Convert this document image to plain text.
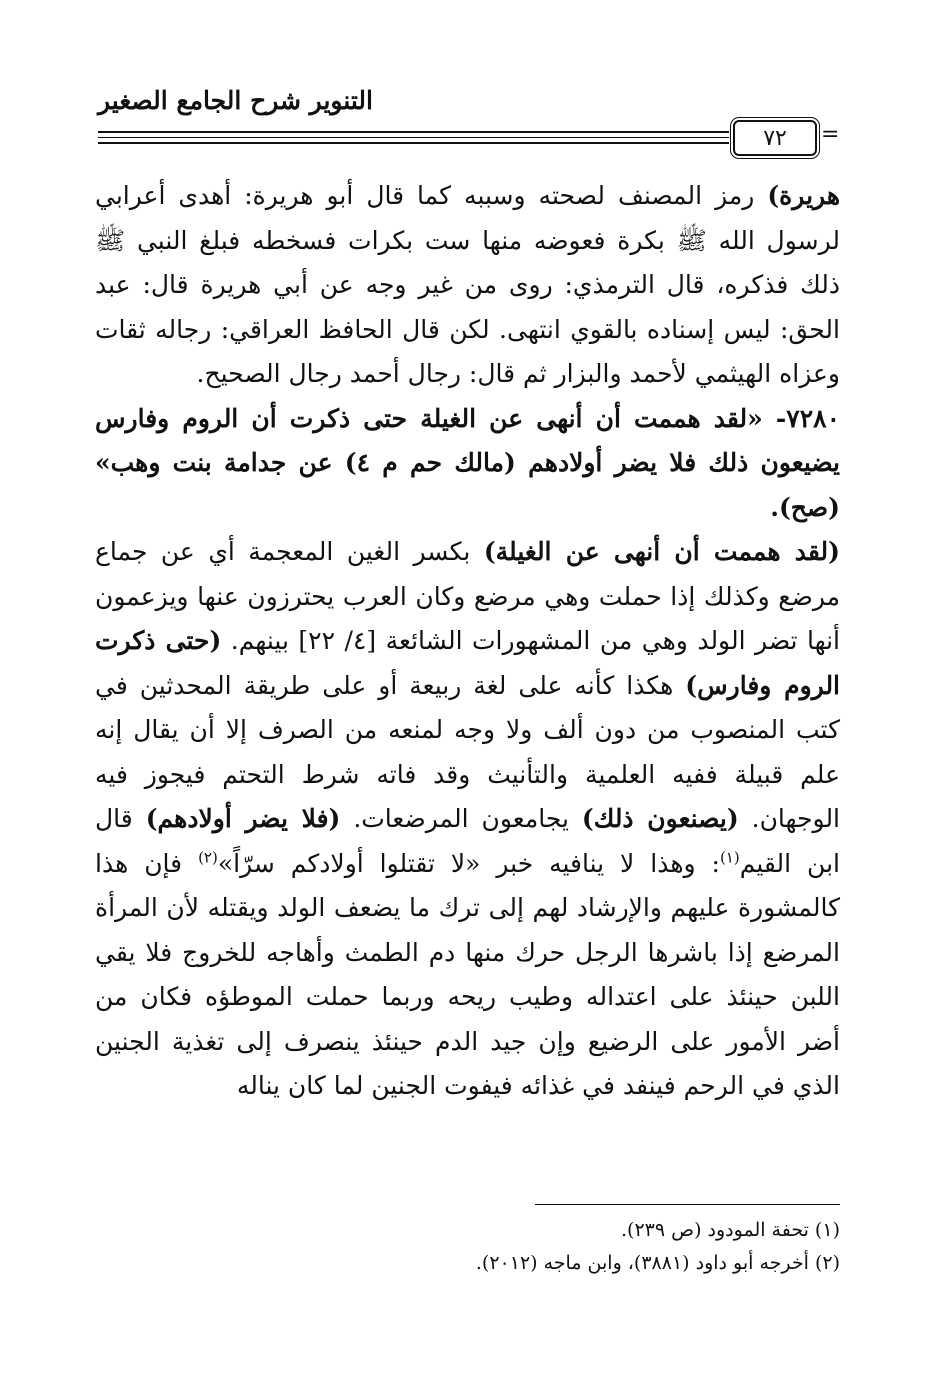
التنوير شرح الجامع الصغير
٧٢	=

هريرة) رمز المصنف لصحته وسببه كما قال أبو هريرة: أهدى أعرابي لرسول الله ﷺ بكرة فعوضه منها ست بكرات فسخطه فبلغ النبي ﷺ ذلك فذكره، قال الترمذي: روى من غير وجه عن أبي هريرة قال: عبد الحق: ليس إسناده بالقوي انتهى. لكن قال الحافظ العراقي: رجاله ثقات وعزاه الهيثمي لأحمد والبزار ثم قال: رجال أحمد رجال الصحيح.

٧٢٨٠- «لقد هممت أن أنهى عن الغيلة حتى ذكرت أن الروم وفارس يضيعون ذلك فلا يضر أولادهم (مالك حم م ٤) عن جدامة بنت وهب» (صح).

(لقد هممت أن أنهى عن الغيلة) بكسر الغين المعجمة أي عن جماع مرضع وكذلك إذا حملت وهي مرضع وكان العرب يحترزون عنها ويزعمون أنها تضر الولد وهي من المشهورات الشائعة [٤/ ٢٢] بينهم. (حتى ذكرت الروم وفارس) هكذا كأنه على لغة ربيعة أو على طريقة المحدثين في كتب المنصوب من دون ألف ولا وجه لمنعه من الصرف إلا أن يقال إنه علم قبيلة ففيه العلمية والتأنيث وقد فاته شرط التحتم فيجوز فيه الوجهان. (يصنعون ذلك) يجامعون المرضعات. (فلا يضر أولادهم) قال ابن القيم$^{(١)}$: وهذا لا ينافيه خبر «لا تقتلوا أولادكم سرّاً»$^{(٢)}$ فإن هذا كالمشورة عليهم والإرشاد لهم إلى ترك ما يضعف الولد ويقتله لأن المرأة المرضع إذا باشرها الرجل حرك منها دم الطمث وأهاجه للخروج فلا يقي اللبن حينئذ على اعتداله وطيب ريحه وربما حملت الموطؤه فكان من أضر الأمور على الرضيع وإن جيد الدم حينئذ ينصرف إلى تغذية الجنين الذي في الرحم فينفد في غذائه فيفوت الجنين لما كان يناله

(١) تحفة المودود (ص ٢٣٩).

(٢) أخرجه أبو داود (٣٨٨١)، وابن ماجه (٢٠١٢).
